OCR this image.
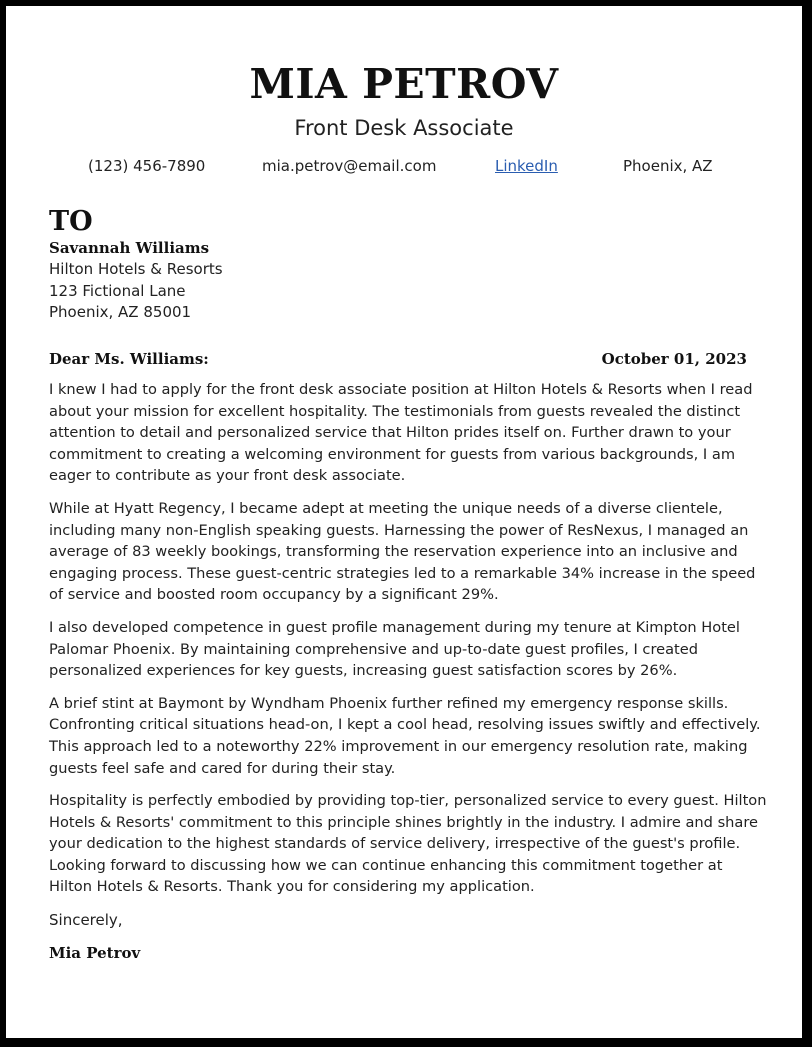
MIA PETROV
Front Desk Associate
(123) 456-7890	mia.petrov@email.com	LinkedIn	Phoenix, AZ
TO
Savannah Williams
Hilton Hotels & Resorts
123 Fictional Lane
Phoenix, AZ 85001
Dear Ms. Williams:	October 01, 2023

I knew I had to apply for the front desk associate position at Hilton Hotels & Resorts when I read about your mission for excellent hospitality. The testimonials from guests revealed the distinct attention to detail and personalized service that Hilton prides itself on. Further drawn to your commitment to creating a welcoming environment for guests from various backgrounds, I am eager to contribute as your front desk associate.

While at Hyatt Regency, I became adept at meeting the unique needs of a diverse clientele, including many non-English speaking guests. Harnessing the power of ResNexus, I managed an average of 83 weekly bookings, transforming the reservation experience into an inclusive and engaging process. These guest-centric strategies led to a remarkable 34% increase in the speed of service and boosted room occupancy by a significant 29%.

I also developed competence in guest profile management during my tenure at Kimpton Hotel Palomar Phoenix. By maintaining comprehensive and up-to-date guest profiles, I created personalized experiences for key guests, increasing guest satisfaction scores by 26%.

A brief stint at Baymont by Wyndham Phoenix further refined my emergency response skills. Confronting critical situations head-on, I kept a cool head, resolving issues swiftly and effectively. This approach led to a noteworthy 22% improvement in our emergency resolution rate, making guests feel safe and cared for during their stay.

Hospitality is perfectly embodied by providing top-tier, personalized service to every guest. Hilton Hotels & Resorts' commitment to this principle shines brightly in the industry. I admire and share your dedication to the highest standards of service delivery, irrespective of the guest's profile. Looking forward to discussing how we can continue enhancing this commitment together at Hilton Hotels & Resorts. Thank you for considering my application.

Sincerely,
Mia Petrov
